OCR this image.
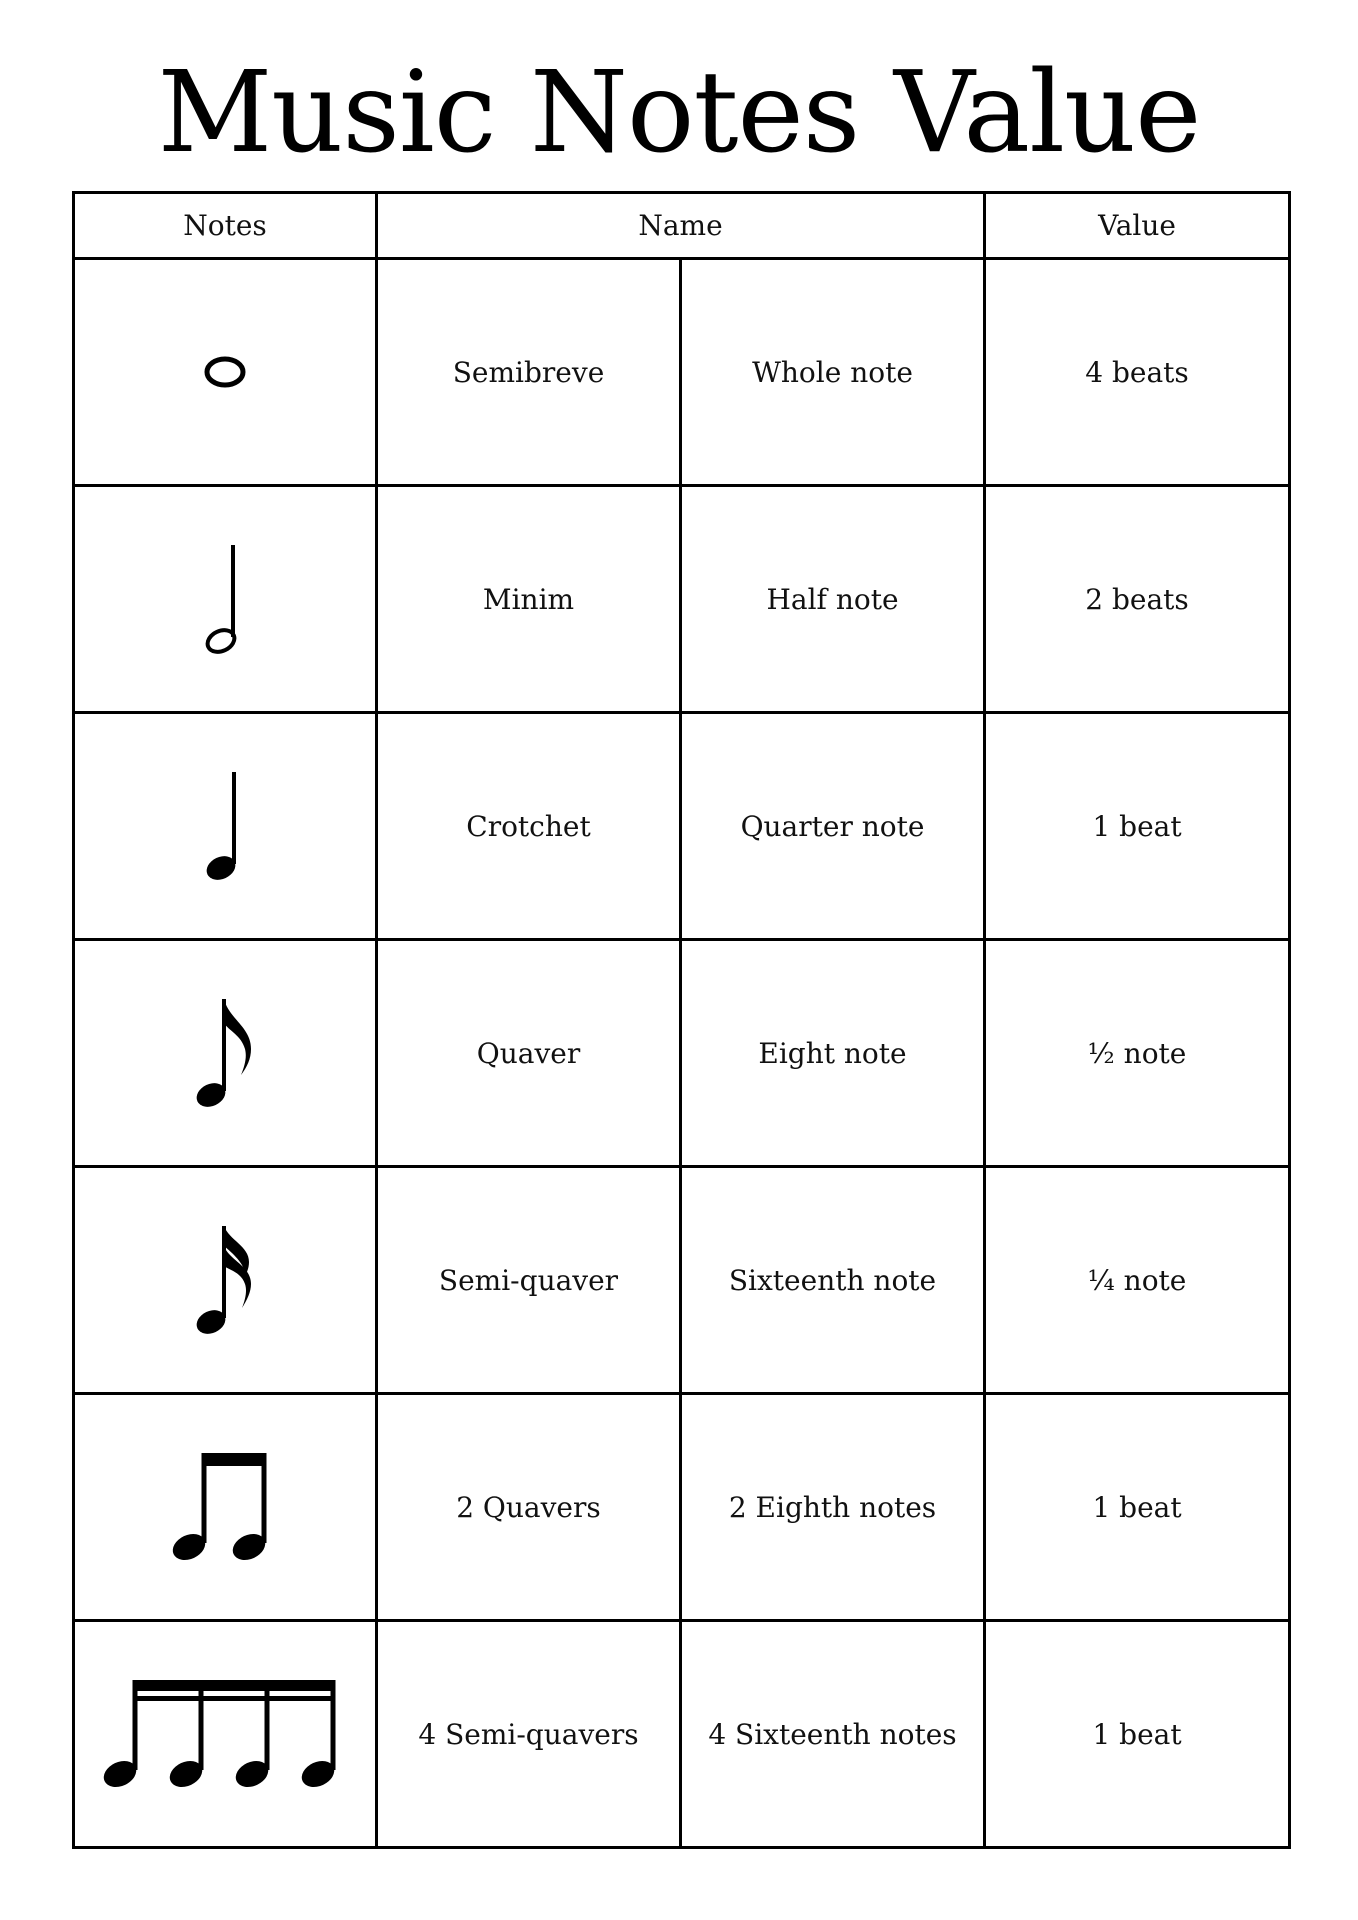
Music Notes Value
Notes	Name		Value

	Semibreve	Whole note	4 beats

	Minim	Half note	2 beats

	Crotchet	Quarter note	1 beat

	Quaver	Eight note	¹⁄₂ note

	Semi-quaver	Sixteenth note	¹⁄₄ note

	2 Quavers	2 Eighth notes	1 beat

	4 Semi-quavers	4 Sixteenth notes	1 beat
